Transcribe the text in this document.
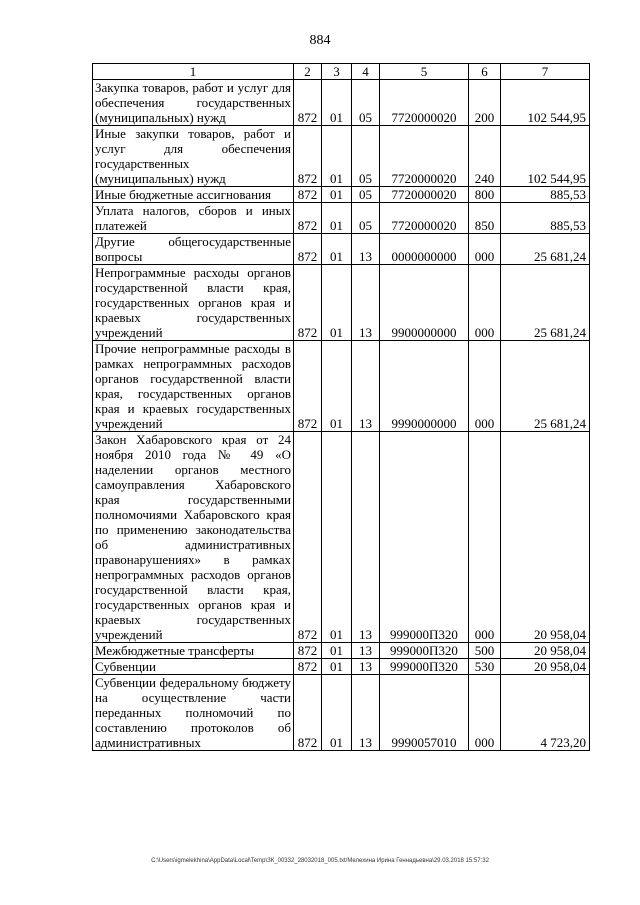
884
1	2	3	4	5	6	7
Закупка товаров, работ и услуг для обеспечения государственных (муниципальных) нужд	872	01	05	7720000020	200	102 544,95
Иные закупки товаров, работ и услуг для обеспечения государственных (муниципальных) нужд	872	01	05	7720000020	240	102 544,95
Иные бюджетные ассигнования	872	01	05	7720000020	800	885,53
Уплата налогов, сборов и иных платежей	872	01	05	7720000020	850	885,53
Другие общегосударственные вопросы	872	01	13	0000000000	000	25 681,24
Непрограммные расходы органов государственной власти края, государственных органов края и краевых государственных учреждений	872	01	13	9900000000	000	25 681,24
Прочие непрограммные расходы в рамках непрограммных расходов органов государственной власти края, государственных органов края и краевых государственных учреждений	872	01	13	9990000000	000	25 681,24
Закон Хабаровского края от 24 ноября 2010 года № 49 «О наделении органов местного самоуправления Хабаровского края государственными полномочиями Хабаровского края по применению законодательства об административных правонарушениях» в рамках непрограммных расходов органов государственной власти края, государственных органов края и краевых государственных учреждений	872	01	13	999000П320	000	20 958,04
Межбюджетные трансферты	872	01	13	999000П320	500	20 958,04
Субвенции	872	01	13	999000П320	530	20 958,04
Субвенции федеральному бюджету на осуществление части переданных полномочий по составлению протоколов об административных	872	01	13	9990057010	000	4 723,20
C:\Users\igmelekhina\AppData\Local\Temp\ЗК_00332_28032018_005.txt/Мелехина Ирина Геннадьевна\29.03.2018 15:57:32
